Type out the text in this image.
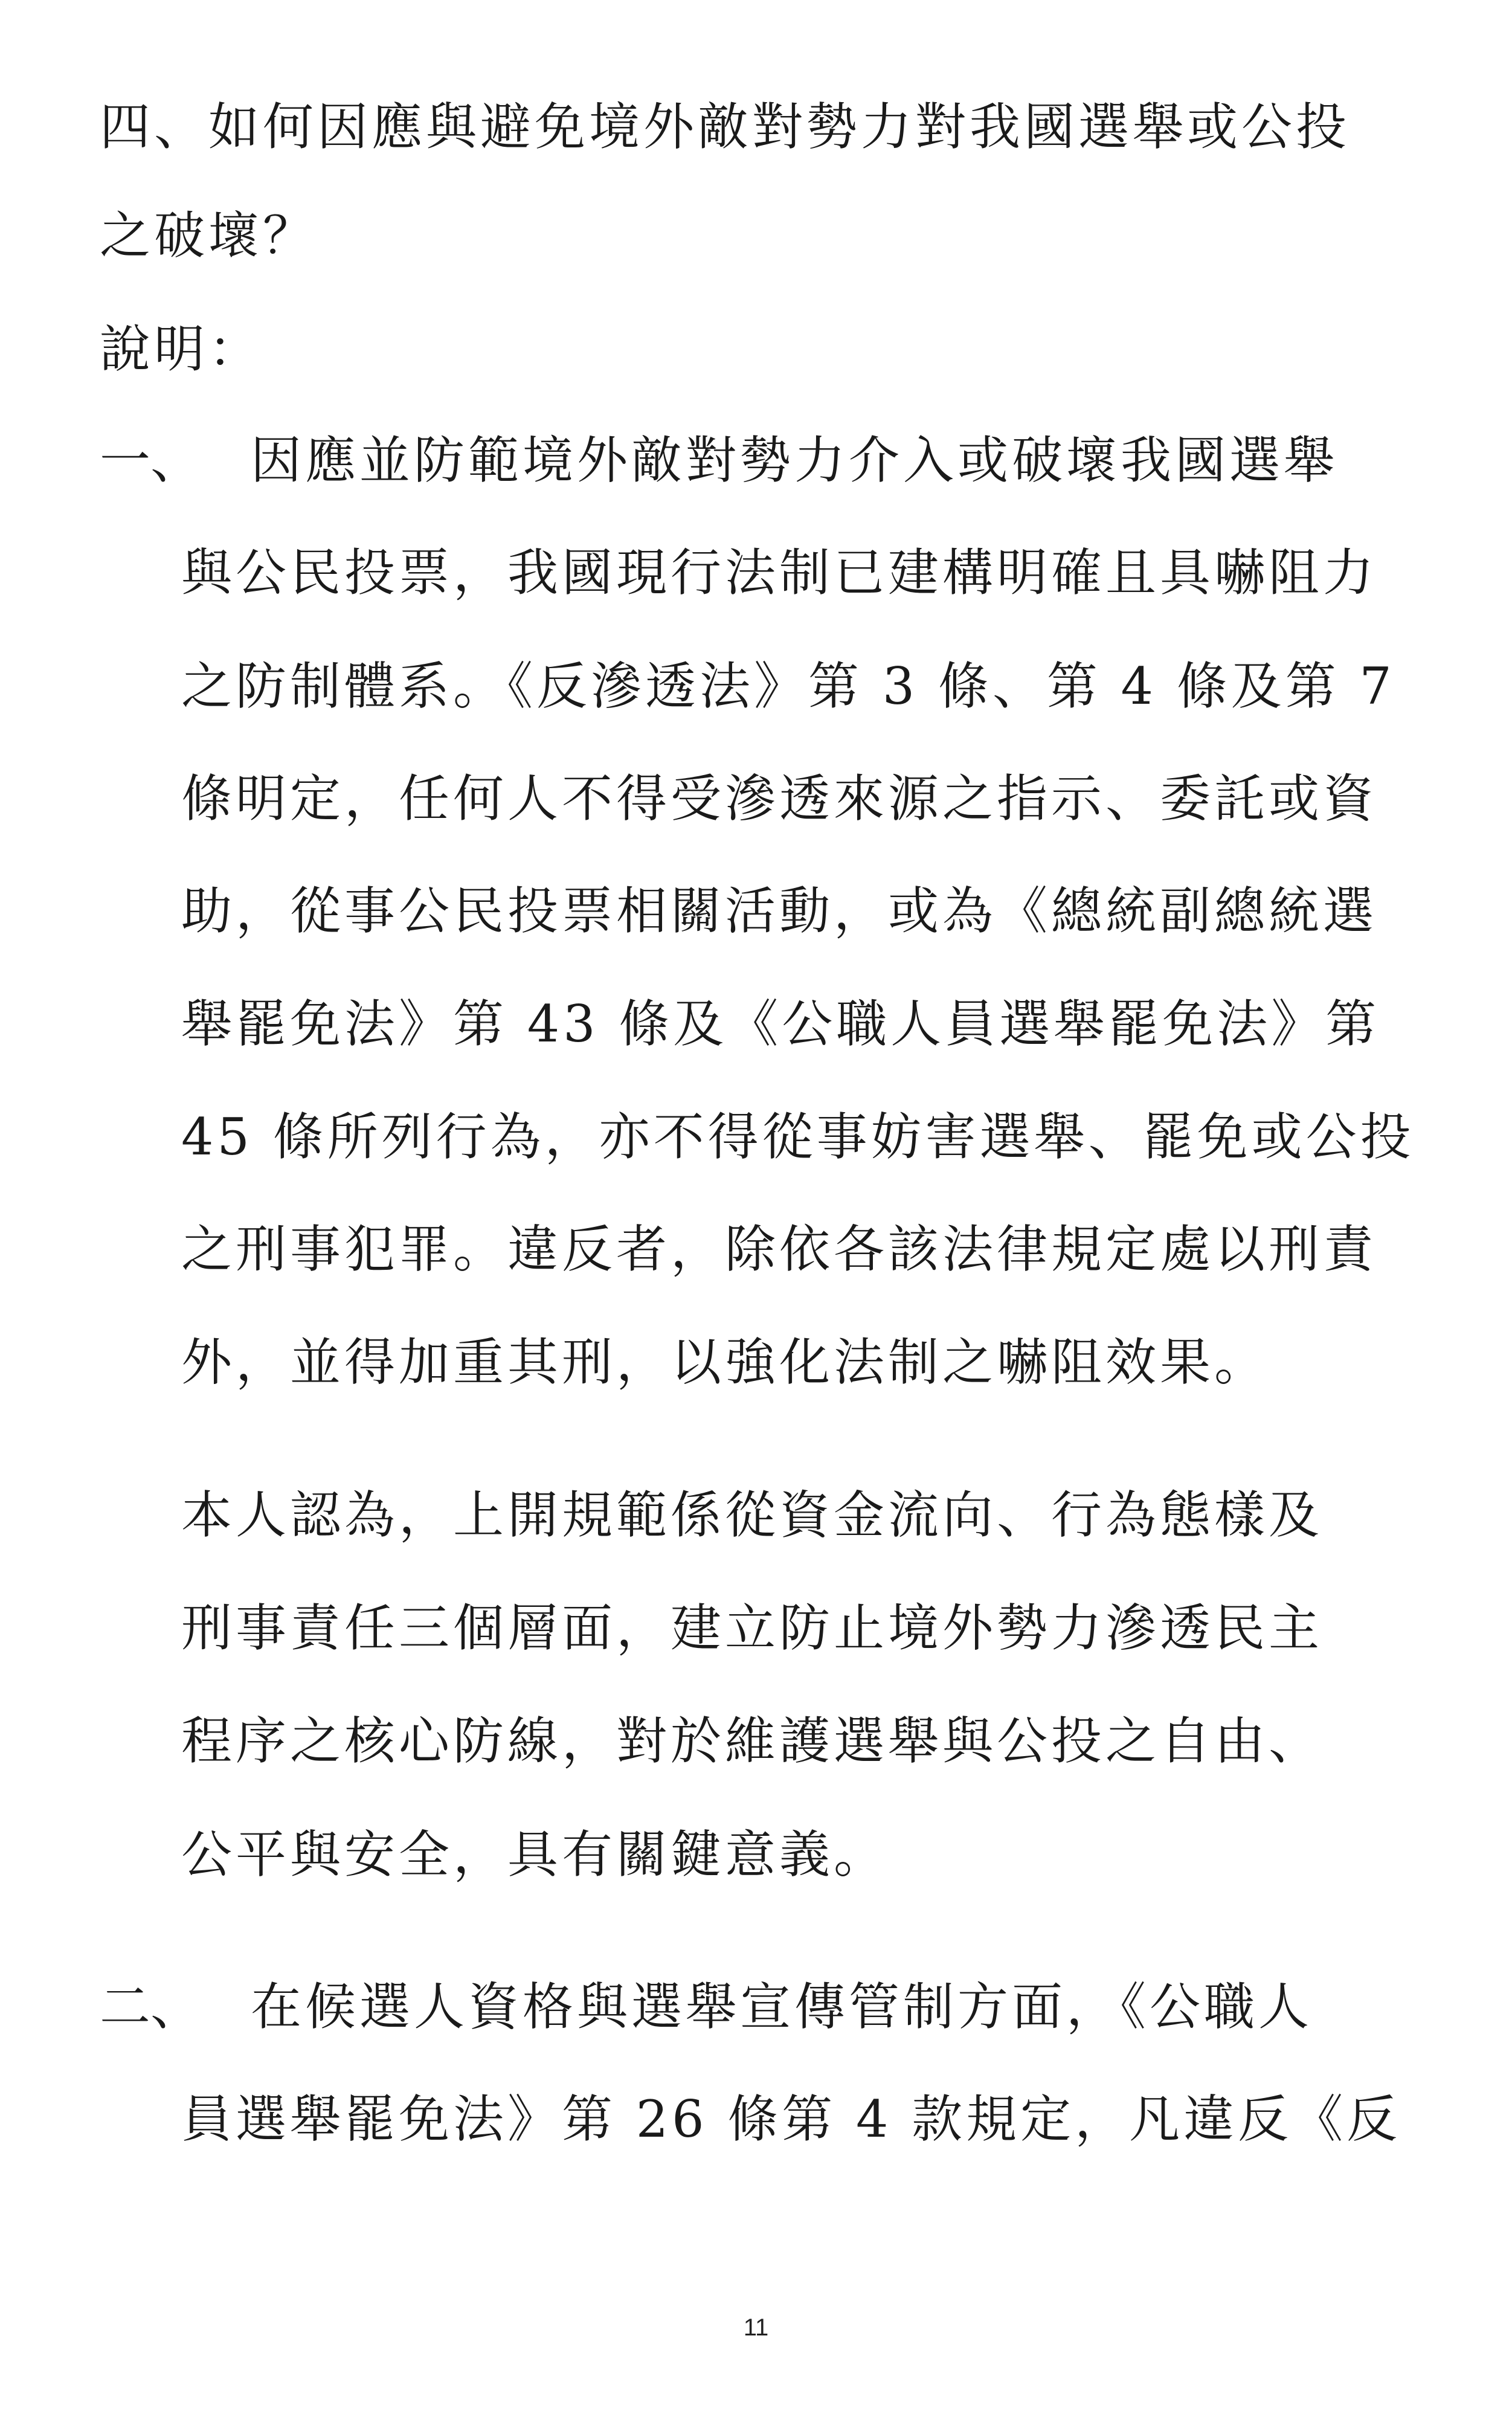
四、如何因應與避免境外敵對勢力對我國選舉或公投
之破壞？
說明：
一、 因應並防範境外敵對勢力介入或破壞我國選舉
與公民投票，我國現行法制已建構明確且具嚇阻力
之防制體系。《反滲透法》第 3 條、第 4 條及第 7
條明定，任何人不得受滲透來源之指示、委託或資
助，從事公民投票相關活動，或為《總統副總統選
舉罷免法》第 43 條及《公職人員選舉罷免法》第
45 條所列行為，亦不得從事妨害選舉、罷免或公投
之刑事犯罪。違反者，除依各該法律規定處以刑責
外，並得加重其刑，以強化法制之嚇阻效果。
本人認為，上開規範係從資金流向、行為態樣及
刑事責任三個層面，建立防止境外勢力滲透民主
程序之核心防線，對於維護選舉與公投之自由、
公平與安全，具有關鍵意義。
二、 在候選人資格與選舉宣傳管制方面，《公職人
員選舉罷免法》第 26 條第 4 款規定，凡違反《反
11
